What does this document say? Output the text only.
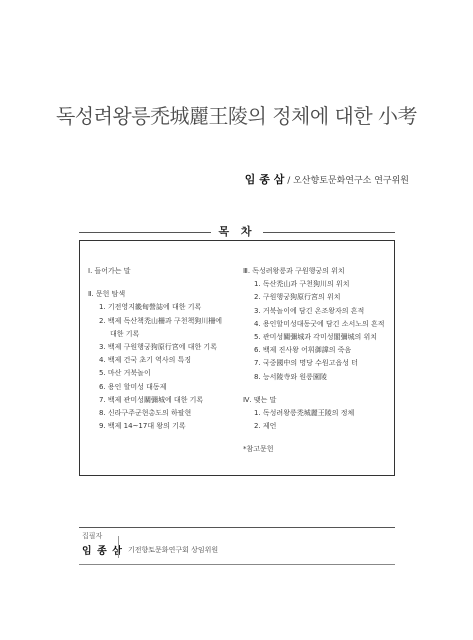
독성려왕릉禿城麗王陵의 정체에 대한 小考
임 종 삼 / 오산향토문화연구소 연구위원
목 차
Ⅰ. 들어가는 말
Ⅱ. 문헌 탐색
1. 기전영지畿甸營誌에 대한 기록
2. 백제 독산책禿山柵과 구천책狗川柵에
대한 기록
3. 백제 구원행궁狗原行宮에 대한 기록
4. 백제 건국 초기 역사의 특징
5. 마산 거북놀이
6. 용인 할미성 대동제
7. 백제 관미성關彌城에 대한 기록
8. 신라구주군현총도의 하팔현
9. 백제 14~17대 왕의 기록
Ⅲ. 독성려왕릉과 구원행궁의 위치
1. 독산禿山과 구천狗川의 위치
2. 구원행궁狗原行宮의 위치
3. 거북놀이에 담긴 온조왕자의 흔적
4. 용인할미성대동굿에 담긴 소서노의 흔적
5. 관미성關彌城과 각미성閣彌城의 위치
6. 백제 진사왕 어휘御諱의 죽음
7. 국중國中의 명당 수원고읍성 터
8. 능서陵寺와 원릉園陵
Ⅳ. 맺는 말
1. 독성려왕릉禿城麗王陵의 정체
2. 제언
*참고문헌
집필자
임 종 삼 기전향토문화연구회 상임위원
